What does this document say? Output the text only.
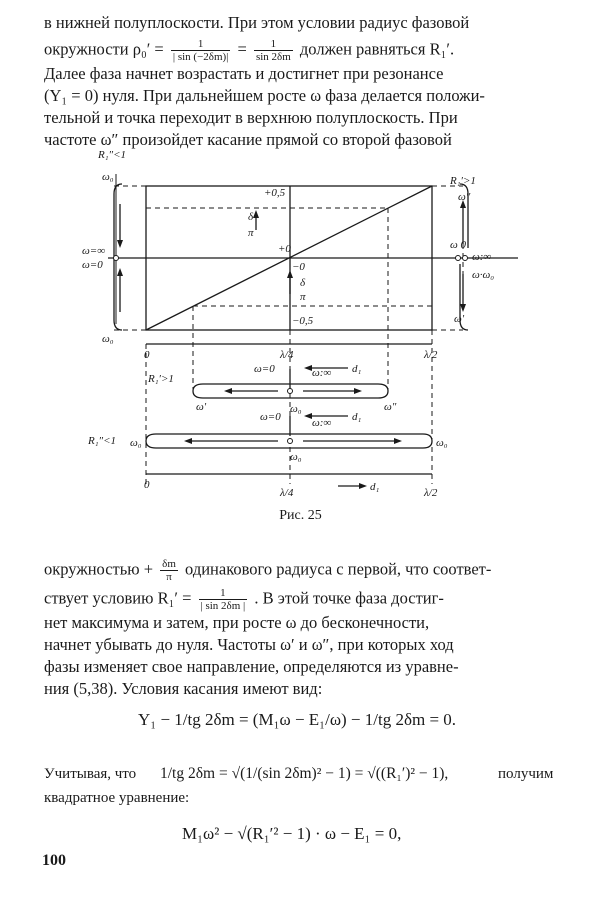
в нижней полуплоскости. При этом условии радиус фазовой
окружности $\rho_0' = \frac{1}{| \sin (-2\delta m)|} = \frac{1}{\sin 2\delta m}$ должен равняться R₁′.
Далее фаза начнет возрастать и достигнет при резонансе
(Y₁ = 0) нуля. При дальнейшем росте ω фаза делается положи-
тельной и точка переходит в верхнюю полуплоскость. При
частоте ω″ произойдет касание прямой со второй фазовой
R₁″<1
ω₀
ω=∞
ω=0
ω₀
+0,5
δ
π
+0
−0
δ
π
−0,5
R₁′>1
ω″
ω 0
ω:∞
ω·ω₀
ω′
0	λ/4	λ/2
ω=0	ω:∞ d₁
R₁′>1
ω′	ω₀	ω″
ω=0	ω:∞ d₁
R₁″<1 ω₀
ω₀
ω₀
0
λ/4	d₁	λ/2
Рис. 25
окружностью + $\frac{\delta m}{\pi}$ одинакового радиуса с первой, что соответ-
ствует условию $R_1' = \frac{1}{| \sin 2\delta m |}$ . В этой точке фаза достиг-
нет максимума и затем, при росте ω до бесконечности,
начнет убывать до нуля. Частоты ω′ и ω″, при которых ход
фазы изменяет свое направление, определяются из уравне-
ния (5,38). Условия касания имеют вид:
Y₁ − 1/tg 2δm = (M₁ω − E₁/ω) − 1/tg 2δm = 0.
Учитывая, что 1/tg 2δm = √(1/(sin 2δm)² − 1) = √((R₁′)² − 1),	получим
квадратное уравнение:
M₁ω² − √(R₁′² − 1) · ω − E₁ = 0,
100
